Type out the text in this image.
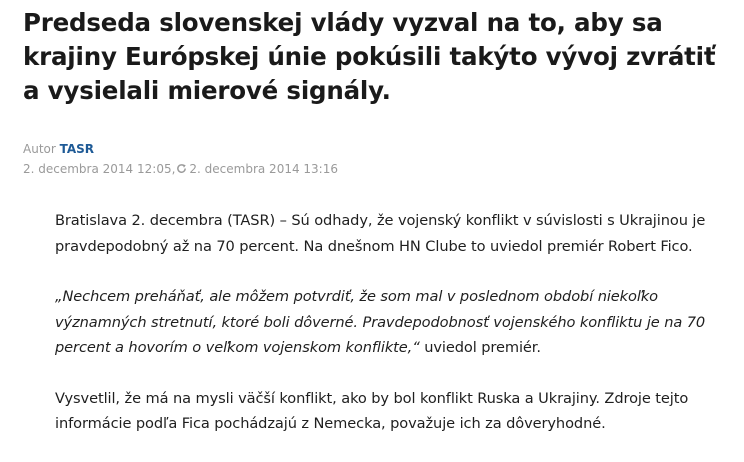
Predseda slovenskej vlády vyzval na to, aby sa krajiny Európskej únie pokúsili takýto vývoj zvrátiť a vysielali mierové signály.
Autor TASR
2. decembra 2014 12:05, 2. decembra 2014 13:16

Bratislava 2. decembra (TASR) – Sú odhady, že vojenský konflikt v súvislosti s Ukrajinou je pravdepodobný až na 70 percent. Na dnešnom HN Clube to uviedol premiér Robert Fico.

„Nechcem preháňať, ale môžem potvrdiť, že som mal v poslednom období niekoľko významných stretnutí, ktoré boli dôverné. Pravdepodobnosť vojenského konfliktu je na 70 percent a hovorím o veľkom vojenskom konflikte,“ uviedol premiér.

Vysvetlil, že má na mysli väčší konflikt, ako by bol konflikt Ruska a Ukrajiny. Zdroje tejto informácie podľa Fica pochádzajú z Nemecka, považuje ich za dôveryhodné.
